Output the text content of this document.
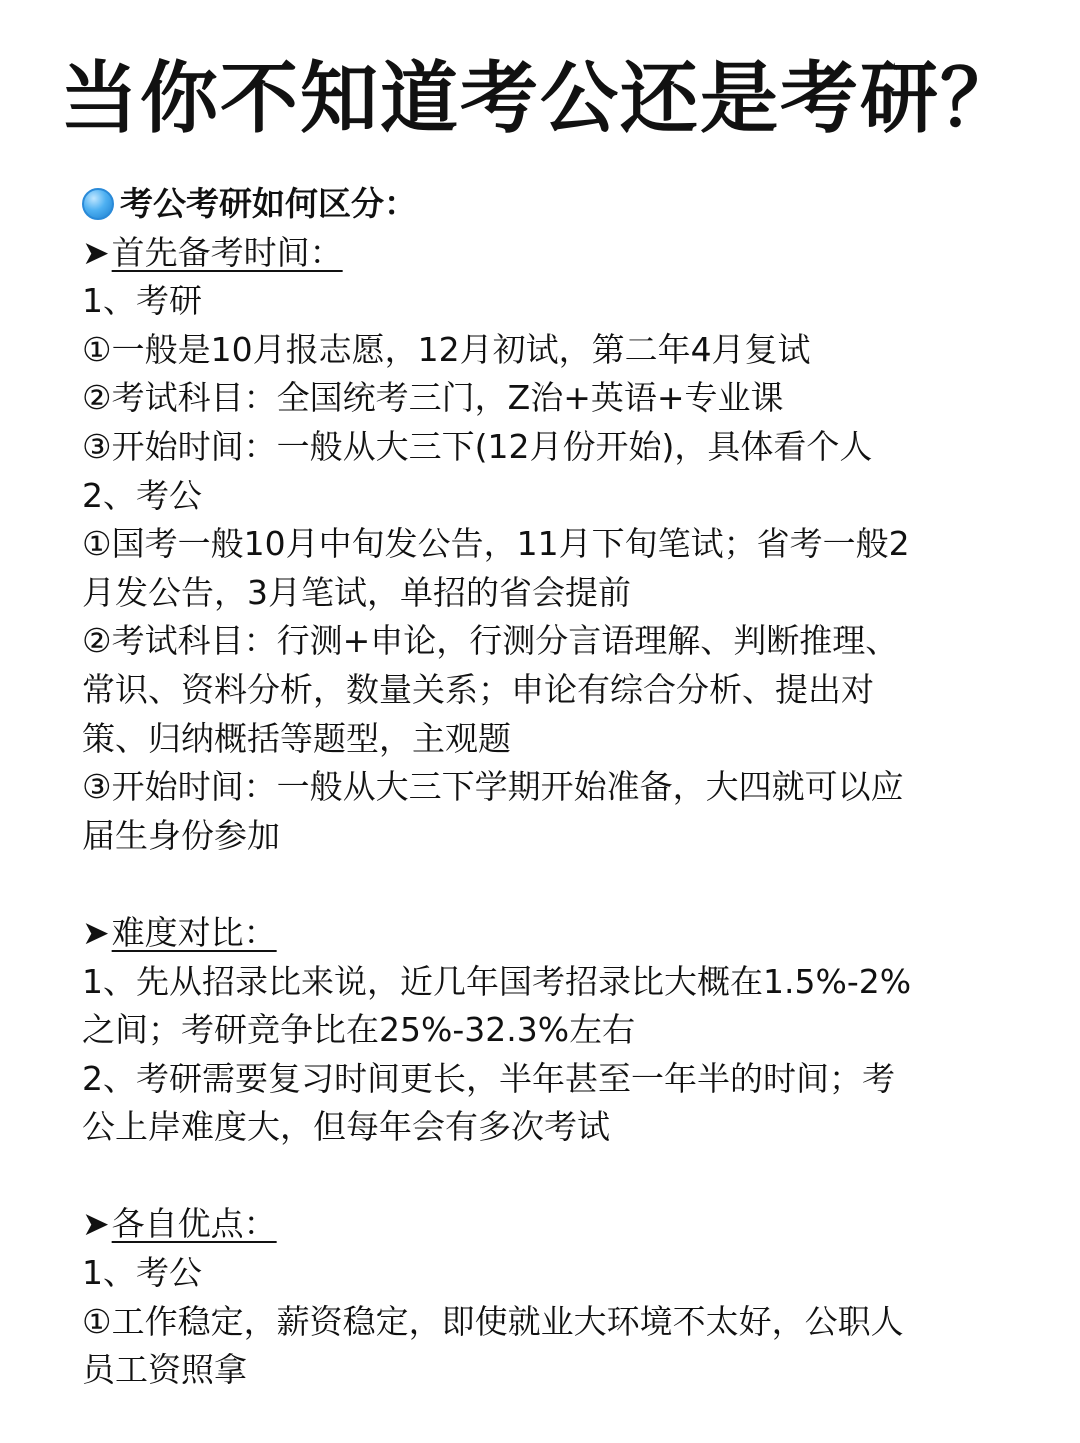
当你不知道考公还是考研？
考公考研如何区分：
➤首先备考时间：
1、考研
①一般是10月报志愿，12月初试，第二年4月复试
②考试科目：全国统考三门，Z治+英语+专业课
③开始时间：一般从大三下(12月份开始)，具体看个人
2、考公
①国考一般10月中旬发公告，11月下旬笔试；省考一般2
月发公告，3月笔试，单招的省会提前
②考试科目：行测+申论，行测分言语理解、判断推理、
常识、资料分析，数量关系；申论有综合分析、提出对
策、归纳概括等题型，主观题
③开始时间：一般从大三下学期开始准备，大四就可以应
届生身份参加
➤难度对比：
1、先从招录比来说，近几年国考招录比大概在1.5%-2%
之间；考研竞争比在25%-32.3%左右
2、考研需要复习时间更长，半年甚至一年半的时间；考
公上岸难度大，但每年会有多次考试
➤各自优点：
1、考公
①工作稳定，薪资稳定，即使就业大环境不太好，公职人
员工资照拿
